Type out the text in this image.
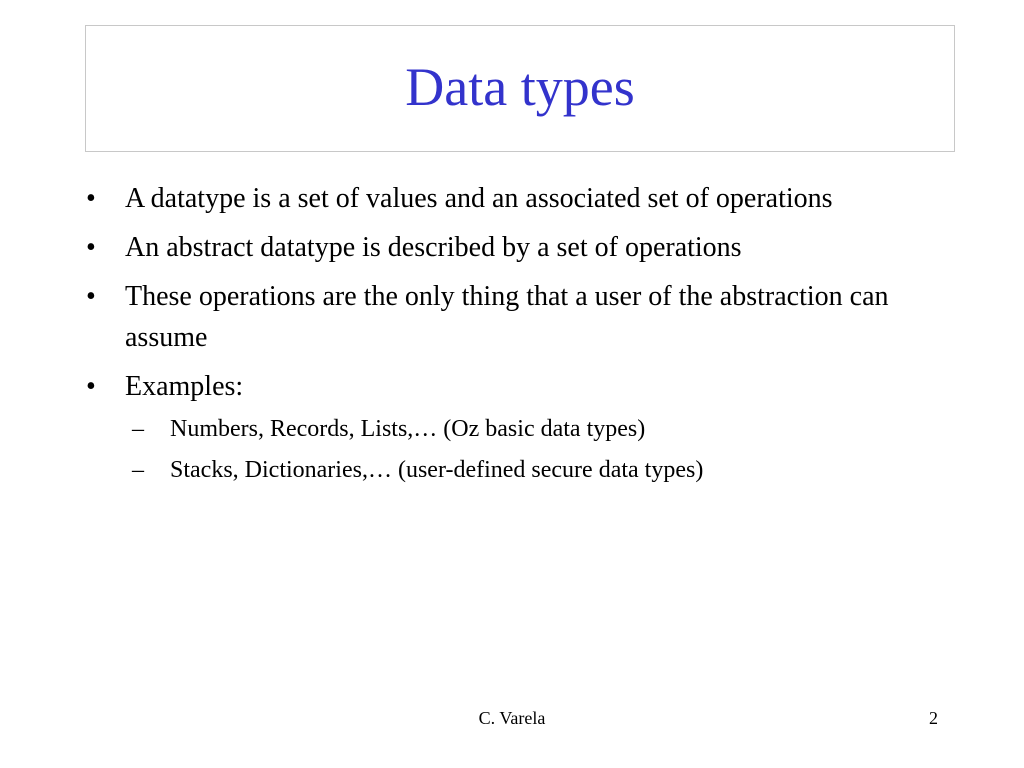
Data types
• A datatype is a set of values and an associated set of operations
• An abstract datatype is described by a set of operations
• These operations are the only thing that a user of the abstraction can assume
• Examples:
– Numbers, Records, Lists,… (Oz basic data types)
– Stacks, Dictionaries,… (user-defined secure data types)
C. Varela	2
